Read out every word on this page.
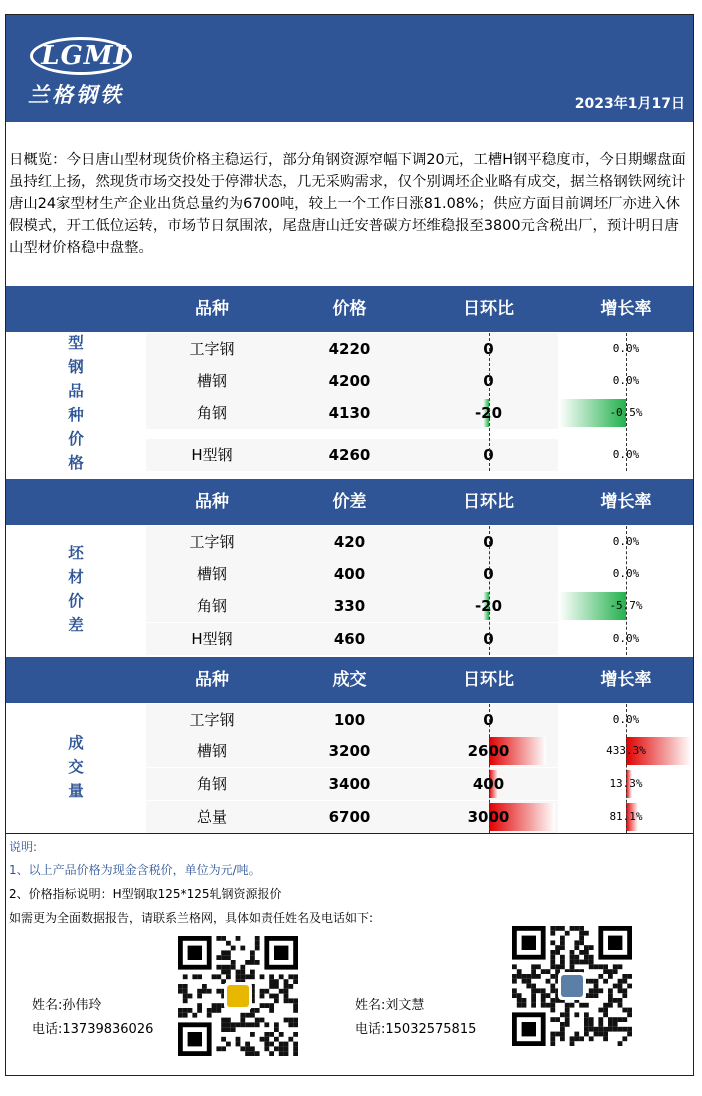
LGMI
兰格钢铁	2023年1月17日
日概览：今日唐山型材现货价格主稳运行，部分角钢资源窄幅下调20元，工槽H钢平稳度市，今日期螺盘面虽持红上扬，然现货市场交投处于停滞状态，几无采购需求，仅个别调坯企业略有成交，据兰格钢铁网统计唐山24家型材生产企业出货总量约为6700吨，较上一个工作日涨81.08%；供应方面目前调坯厂亦进入休假模式，开工低位运转，市场节日氛围浓，尾盘唐山迁安普碳方坯维稳报至3800元含税出厂，预计明日唐山型材价格稳中盘整。
品种	价格	日环比	增长率
型
钢
品
种
价
格
工字钢	4220	0	0.0%
槽钢	4200	0	0.0%
角钢	4130	-20	-0.5%
H型钢	4260	0	0.0%
品种	价差	日环比	增长率
坯
材
价
差
工字钢	420	0	0.0%
槽钢	400	0	0.0%
角钢	330	-20	-5.7%
H型钢	460	0	0.0%
品种	成交	日环比	增长率
成
交
量
工字钢	100	0	0.0%
槽钢	3200	2600	433.3%
角钢	3400	400	13.3%
总量	6700	3000	81.1%

说明:

1、以上产品价格为现金含税价，单位为元/吨。

2、价格指标说明：H型钢取125*125轧钢资源报价

如需更为全面数据报告，请联系兰格网，具体如责任姓名及电话如下:

姓名:孙伟玲
电话:13739836026
姓名:刘文慧
电话:15032575815
